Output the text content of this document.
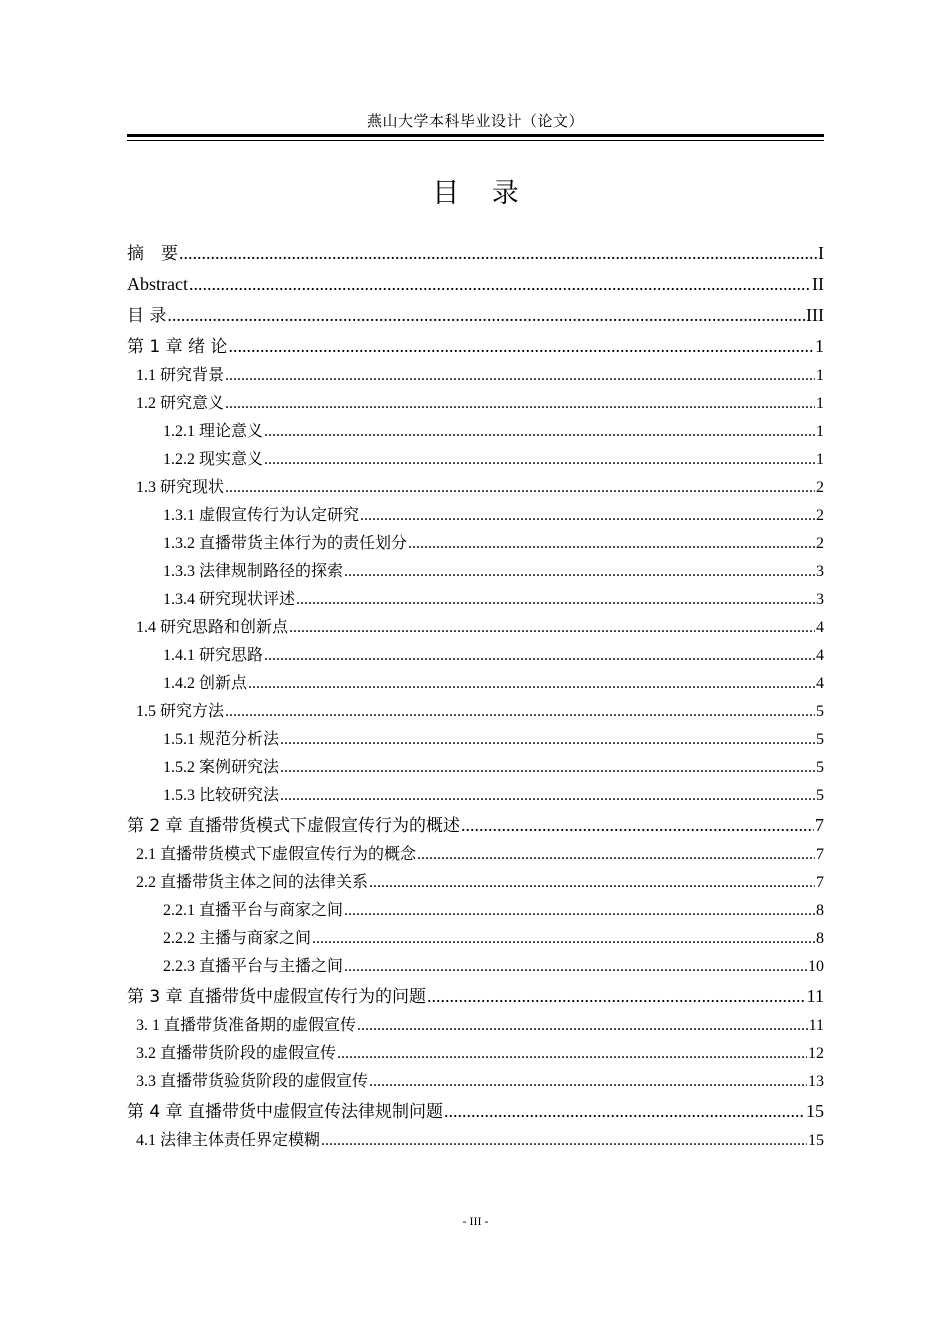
燕山大学本科毕业设计（论文）
目 录
摘　要 .....	I
Abstract .....	II
目 录 .....	III
第 1 章 绪 论 .....	1
1.1 研究背景 .....	1
1.2 研究意义 .....	1
1.2.1 理论意义 .....	1
1.2.2 现实意义 .....	1
1.3 研究现状 .....	2
1.3.1 虚假宣传行为认定研究 .....	2
1.3.2 直播带货主体行为的责任划分 .....	2
1.3.3 法律规制路径的探索 .....	3
1.3.4 研究现状评述 .....	3
1.4 研究思路和创新点 .....	4
1.4.1 研究思路 .....	4
1.4.2 创新点 .....	4
1.5 研究方法 .....	5
1.5.1 规范分析法 .....	5
1.5.2 案例研究法 .....	5
1.5.3 比较研究法 .....	5
第 2 章 直播带货模式下虚假宣传行为的概述 .....	7
2.1 直播带货模式下虚假宣传行为的概念 .....	7
2.2 直播带货主体之间的法律关系 .....	7
2.2.1 直播平台与商家之间 .....	8
2.2.2 主播与商家之间 .....	8
2.2.3 直播平台与主播之间 .....	10
第 3 章 直播带货中虚假宣传行为的问题 .....	11
3. 1 直播带货准备期的虚假宣传 .....	11
3.2 直播带货阶段的虚假宣传 .....	12
3.3 直播带货验货阶段的虚假宣传 .....	13
第 4 章 直播带货中虚假宣传法律规制问题 .....	15
4.1 法律主体责任界定模糊 .....	15
- III -
